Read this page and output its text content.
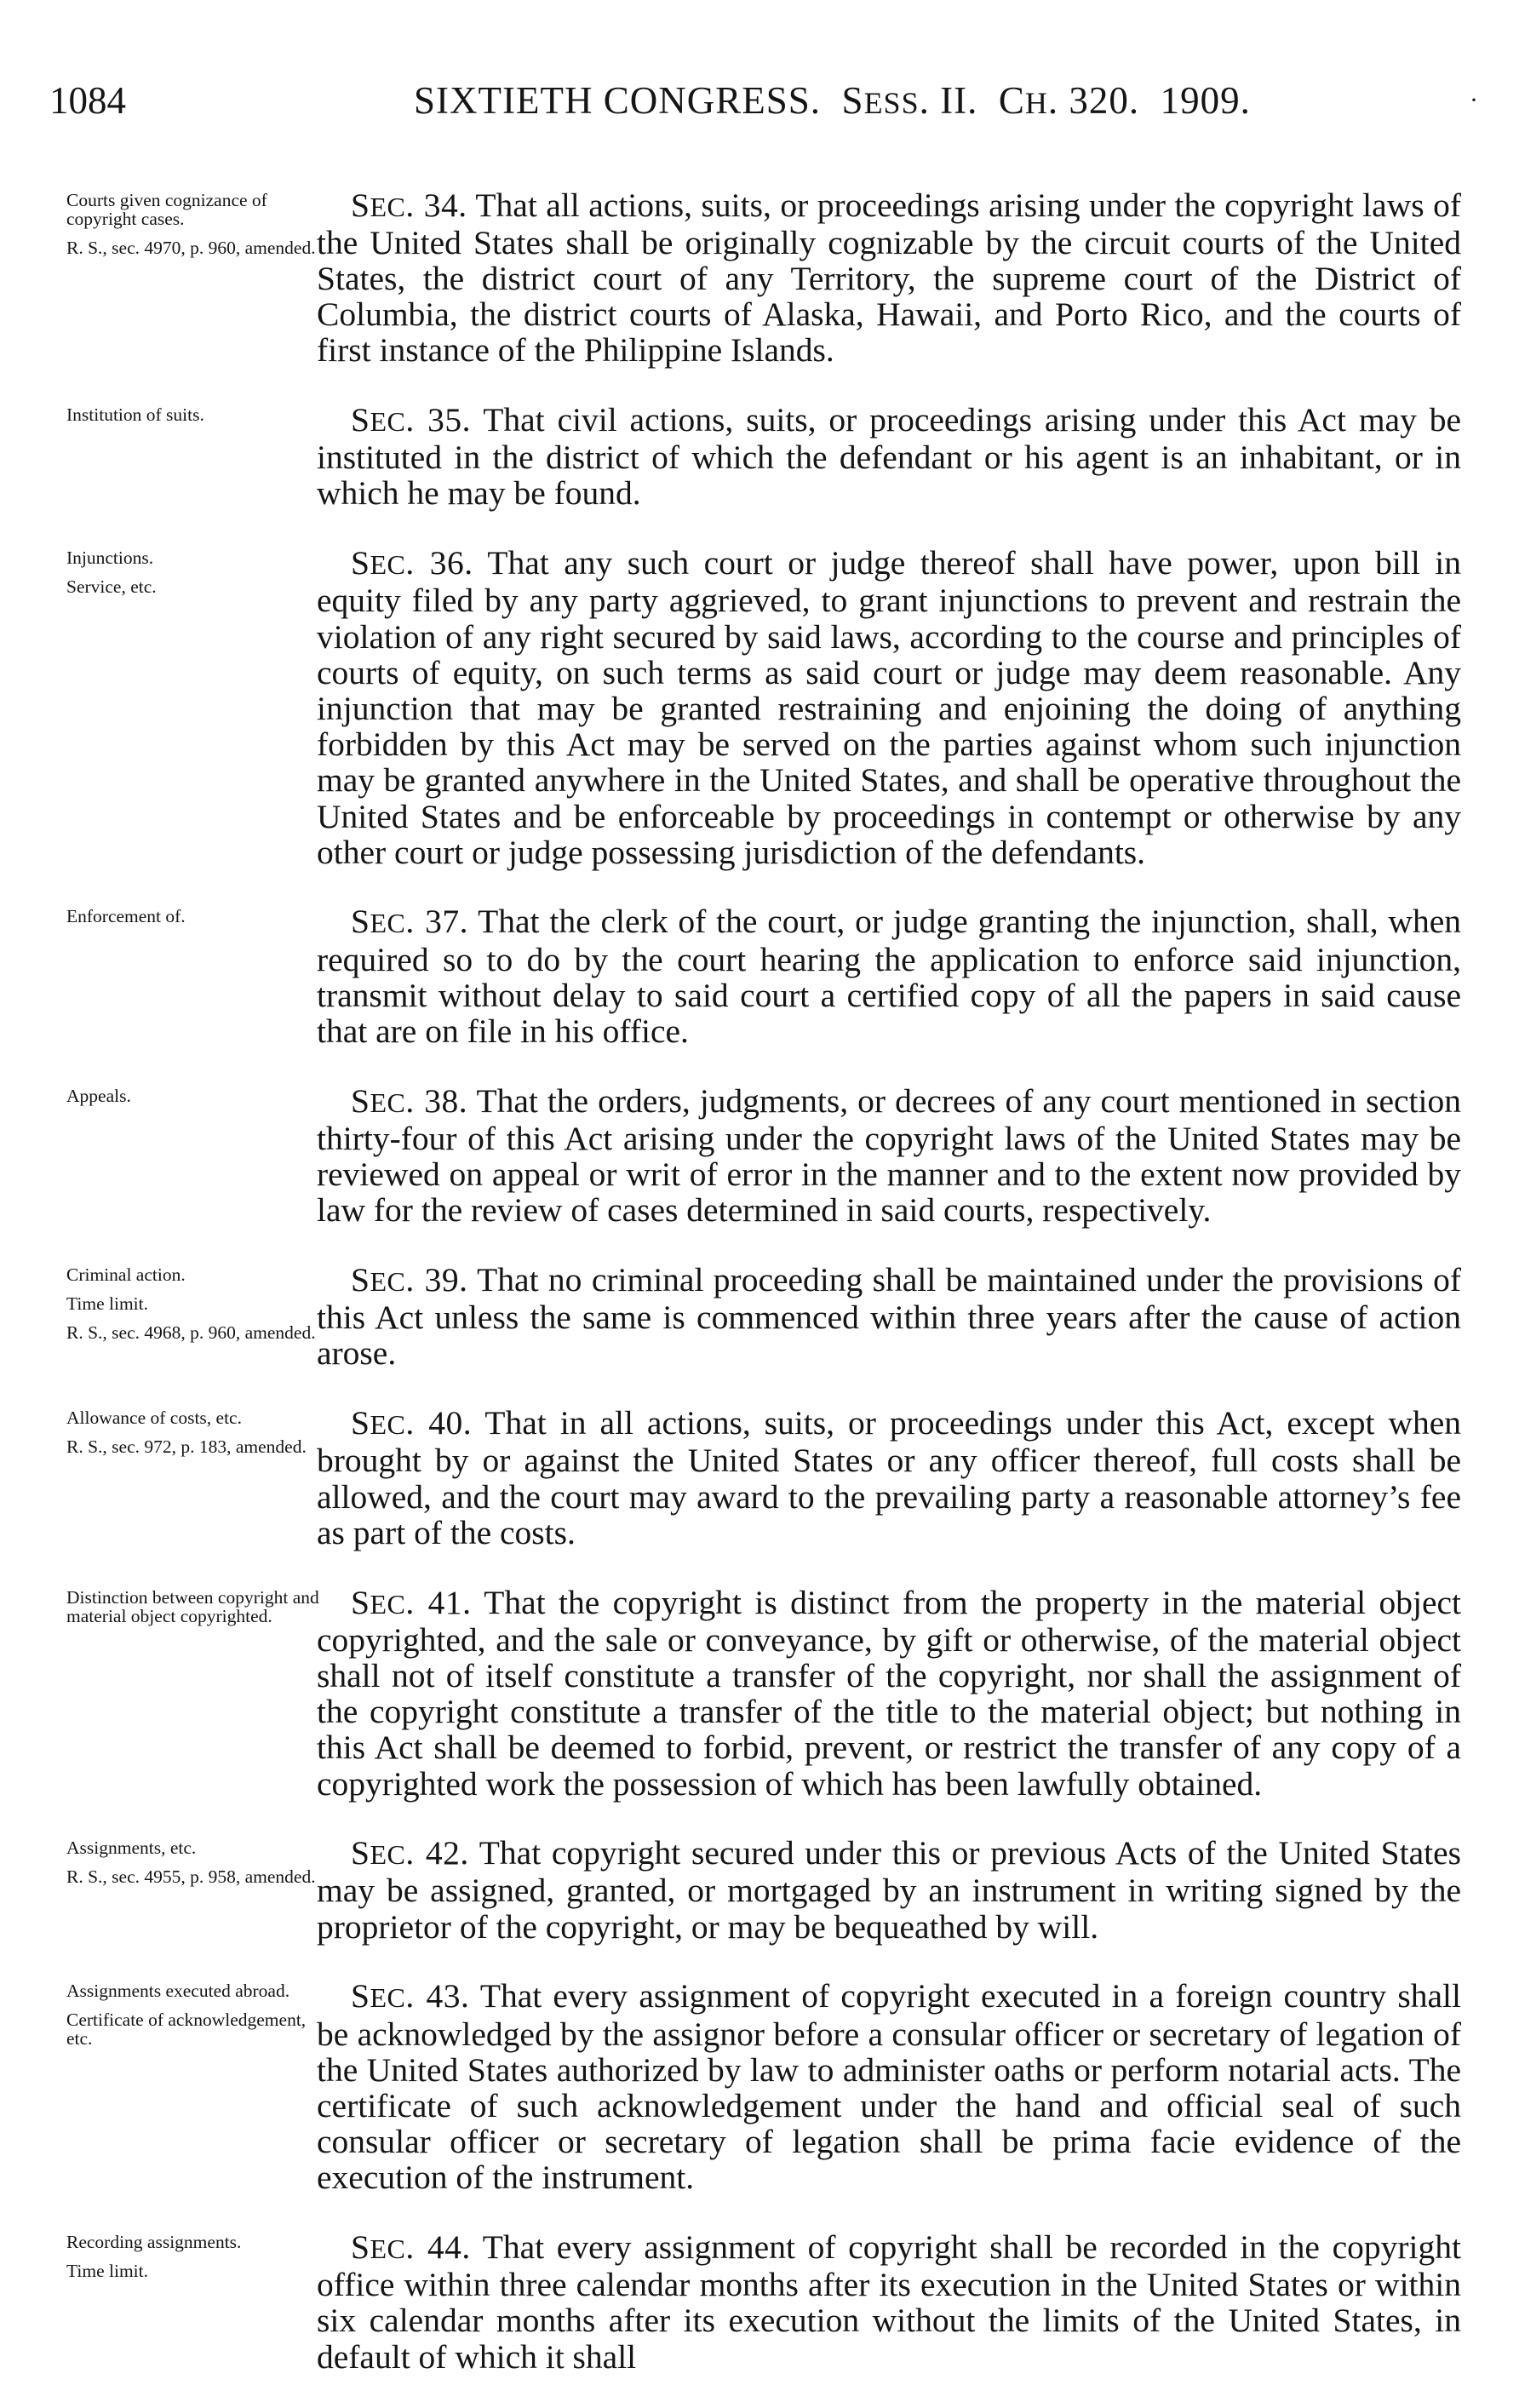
1084	SIXTIETH CONGRESS. SESS. II. CH. 320. 1909.	·
Courts given cognizance of copyright cases.
R. S., sec. 4970, p. 960, amended.

SEC. 34. That all actions, suits, or proceedings arising under the copyright laws of the United States shall be originally cognizable by the circuit courts of the United States, the district court of any Territory, the supreme court of the District of Columbia, the district courts of Alaska, Hawaii, and Porto Rico, and the courts of first instance of the Philippine Islands.

Institution of suits.	SEC. 35. That civil actions, suits, or proceedings arising under this Act may be instituted in the district of which the defendant or his agent is an inhabitant, or in which he may be found.

Injunctions.
Service, etc.

SEC. 36. That any such court or judge thereof shall have power, upon bill in equity filed by any party aggrieved, to grant injunctions to prevent and restrain the violation of any right secured by said laws, according to the course and principles of courts of equity, on such terms as said court or judge may deem reasonable. Any injunction that may be granted restraining and enjoining the doing of anything forbidden by this Act may be served on the parties against whom such injunction may be granted anywhere in the United States, and shall be operative throughout the United States and be enforceable by proceedings in contempt or otherwise by any other court or judge possessing jurisdiction of the defendants.

Enforcement of.	SEC. 37. That the clerk of the court, or judge granting the injunction, shall, when required so to do by the court hearing the application to enforce said injunction, transmit without delay to said court a certified copy of all the papers in said cause that are on file in his office.

Appeals.	SEC. 38. That the orders, judgments, or decrees of any court mentioned in section thirty-four of this Act arising under the copyright laws of the United States may be reviewed on appeal or writ of error in the manner and to the extent now provided by law for the review of cases determined in said courts, respectively.

Criminal action.
Time limit.
R. S., sec. 4968, p. 960, amended.

SEC. 39. That no criminal proceeding shall be maintained under the provisions of this Act unless the same is commenced within three years after the cause of action arose.

Allowance of costs, etc.
R. S., sec. 972, p. 183, amended.

SEC. 40. That in all actions, suits, or proceedings under this Act, except when brought by or against the United States or any officer thereof, full costs shall be allowed, and the court may award to the prevailing party a reasonable attorney’s fee as part of the costs.

Distinction between copyright and material object copyrighted.	SEC. 41. That the copyright is distinct from the property in the material object copyrighted, and the sale or conveyance, by gift or otherwise, of the material object shall not of itself constitute a transfer of the copyright, nor shall the assignment of the copyright constitute a transfer of the title to the material object; but nothing in this Act shall be deemed to forbid, prevent, or restrict the transfer of any copy of a copyrighted work the possession of which has been lawfully obtained.

Assignments, etc.
R. S., sec. 4955, p. 958, amended.

SEC. 42. That copyright secured under this or previous Acts of the United States may be assigned, granted, or mortgaged by an instrument in writing signed by the proprietor of the copyright, or may be bequeathed by will.

Assignments executed abroad.
Certificate of acknowledgement, etc.

SEC. 43. That every assignment of copyright executed in a foreign country shall be acknowledged by the assignor before a consular officer or secretary of legation of the United States authorized by law to administer oaths or perform notarial acts. The certificate of such acknowledgement under the hand and official seal of such consular officer or secretary of legation shall be prima facie evidence of the execution of the instrument.

Recording assignments.
Time limit.

SEC. 44. That every assignment of copyright shall be recorded in the copyright office within three calendar months after its execution in the United States or within six calendar months after its execution without the limits of the United States, in default of which it shall
